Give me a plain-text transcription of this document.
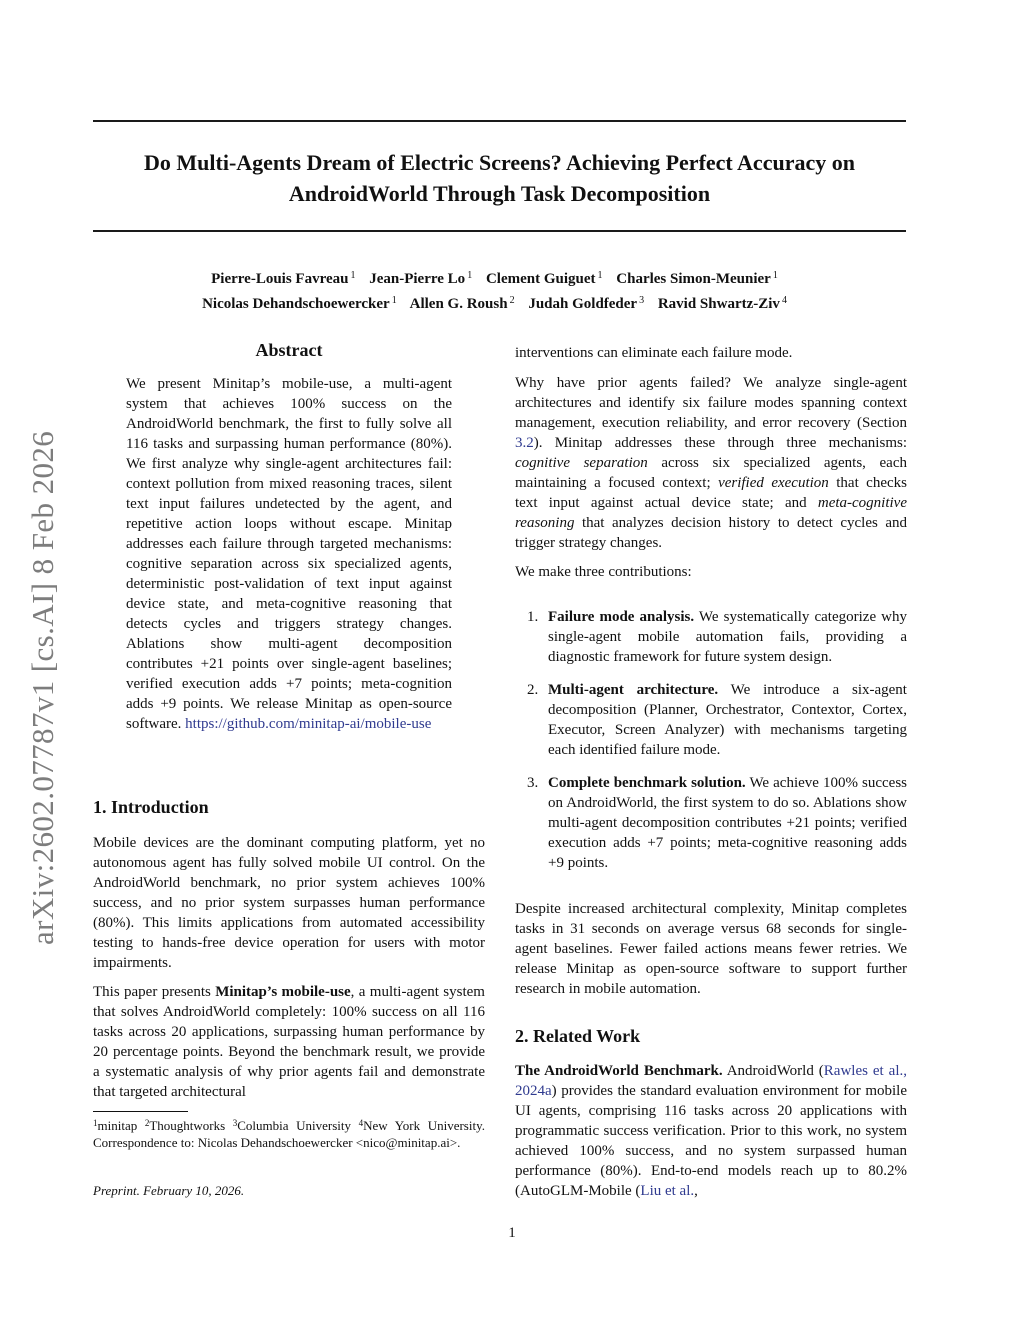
arXiv:2602.07787v1 [cs.AI] 8 Feb 2026
Do Multi-Agents Dream of Electric Screens? Achieving Perfect Accuracy on
AndroidWorld Through Task Decomposition
Pierre-Louis Favreau $^1$ Jean-Pierre Lo $^1$ Clement Guiguet $^1$ Charles Simon-Meunier $^1$
Nicolas Dehandschoewercker $^1$ Allen G. Roush $^2$ Judah Goldfeder $^3$ Ravid Shwartz-Ziv $^4$
Abstract
We present Minitap’s mobile-use, a multi-agent system that achieves 100% success on the AndroidWorld benchmark, the first to fully solve all 116 tasks and surpassing human performance (80%). We first analyze why single-agent architectures fail: context pollution from mixed reasoning traces, silent text input failures undetected by the agent, and repetitive action loops without escape. Minitap addresses each failure through targeted mechanisms: cognitive separation across six specialized agents, deterministic post-validation of text input against device state, and meta-cognitive reasoning that detects cycles and triggers strategy changes. Ablations show multi-agent decomposition contributes +21 points over single-agent baselines; verified execution adds +7 points; meta-cognition adds +9 points. We release Minitap as open-source software. https://github.com/minitap-ai/mobile-use
1. Introduction

Mobile devices are the dominant computing platform, yet no autonomous agent has fully solved mobile UI control. On the AndroidWorld benchmark, no prior system achieves 100% success, and no prior system surpasses human performance (80%). This limits applications from automated accessibility testing to hands-free device operation for users with motor impairments.

This paper presents Minitap’s mobile-use, a multi-agent system that solves AndroidWorld completely: 100% success on all 116 tasks across 20 applications, surpassing human performance by 20 percentage points. Beyond the benchmark result, we provide a systematic analysis of why prior agents fail and demonstrate that targeted architectural

$^1$minitap $^2$Thoughtworks $^3$Columbia University $^4$New York University. Correspondence to: Nicolas Dehandschoewercker <nico@minitap.ai>.
Preprint. February 10, 2026.

interventions can eliminate each failure mode.

Why have prior agents failed? We analyze single-agent architectures and identify six failure modes spanning context management, execution reliability, and error recovery (Section 3.2). Minitap addresses these through three mechanisms: cognitive separation across six specialized agents, each maintaining a focused context; verified execution that checks text input against actual device state; and meta-cognitive reasoning that analyzes decision history to detect cycles and trigger strategy changes.

We make three contributions:

1. Failure mode analysis. We systematically categorize why single-agent mobile automation fails, providing a diagnostic framework for future system design.
2. Multi-agent architecture. We introduce a six-agent decomposition (Planner, Orchestrator, Contextor, Cortex, Executor, Screen Analyzer) with mechanisms targeting each identified failure mode.
3. Complete benchmark solution. We achieve 100% success on AndroidWorld, the first system to do so. Ablations show multi-agent decomposition contributes +21 points; verified execution adds +7 points; meta-cognitive reasoning adds +9 points.

Despite increased architectural complexity, Minitap completes tasks in 31 seconds on average versus 68 seconds for single-agent baselines. Fewer failed actions means fewer retries. We release Minitap as open-source software to support further research in mobile automation.

2. Related Work

The AndroidWorld Benchmark. AndroidWorld (Rawles et al., 2024a) provides the standard evaluation environment for mobile UI agents, comprising 116 tasks across 20 applications with programmatic success verification. Prior to this work, no system achieved 100% success, and no system surpassed human performance (80%). End-to-end models reach up to 80.2% (AutoGLM-Mobile (Liu et al.,

1
